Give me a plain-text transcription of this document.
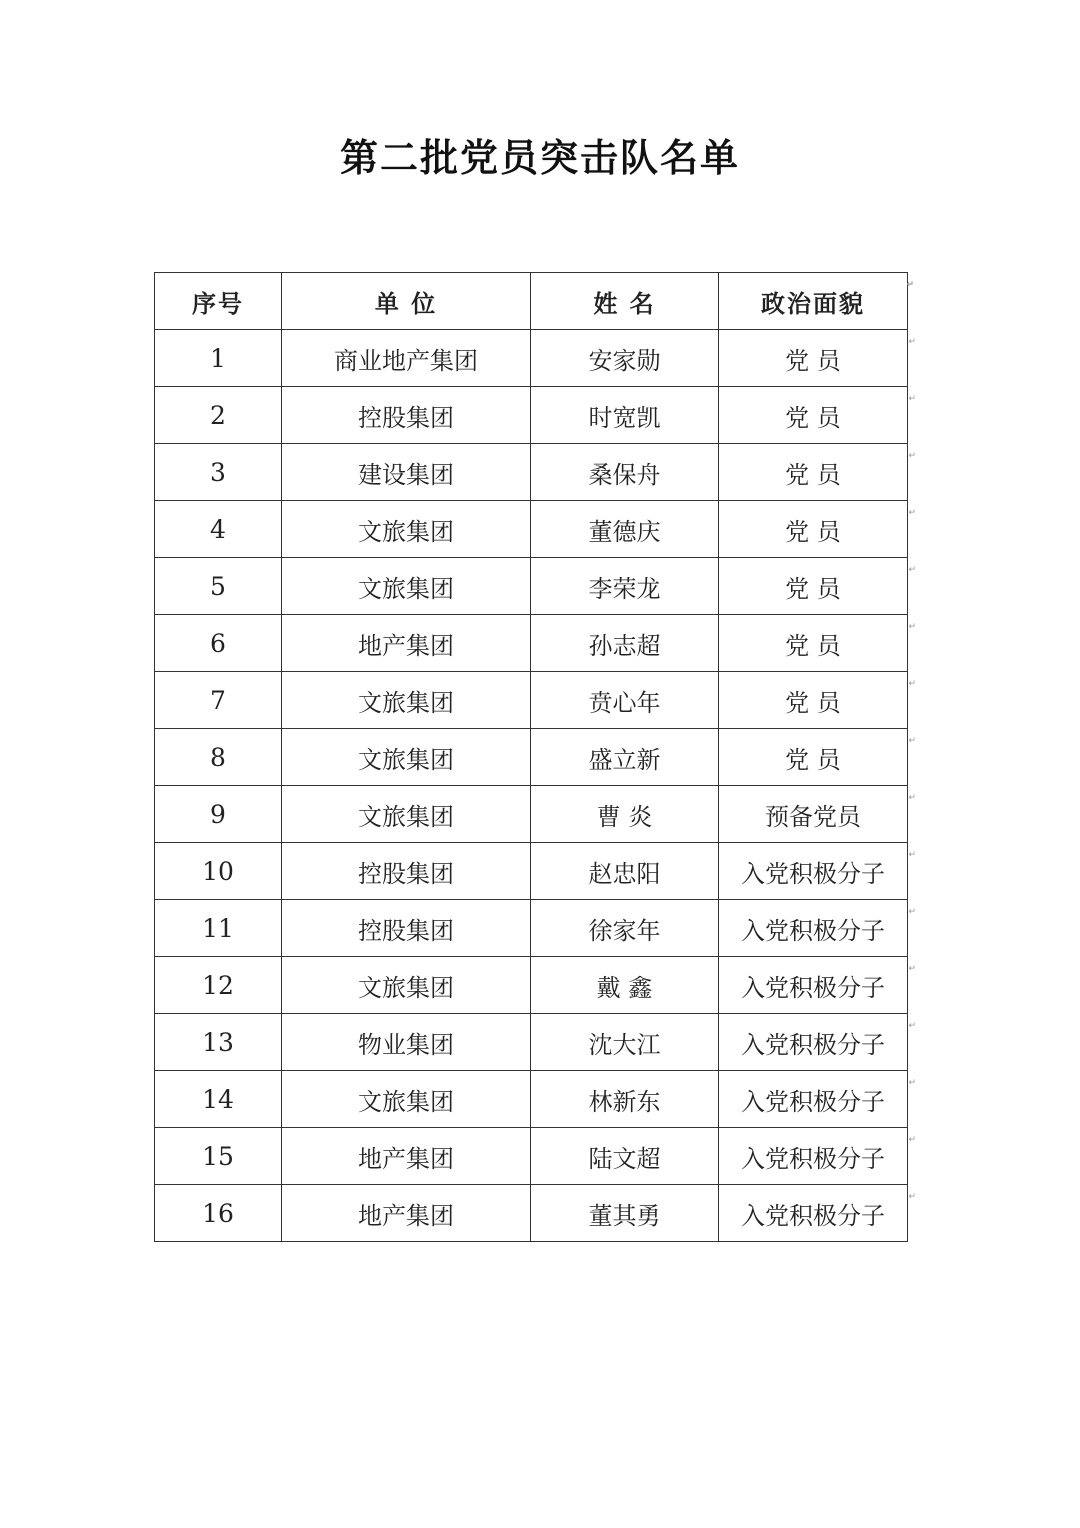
第二批党员突击队名单
序号	单 位	姓 名	政治面貌
↵

1	商业地产集团	安家勋	党 员
↵

2	控股集团	时宽凯	党 员
↵

3	建设集团	桑保舟	党 员
↵

4	文旅集团	董德庆	党 员
↵

5	文旅集团	李荣龙	党 员
↵

6	地产集团	孙志超	党 员
↵

7	文旅集团	贲心年	党 员
↵

8	文旅集团	盛立新	党 员
↵

9	文旅集团	曹 炎	预备党员
↵

10	控股集团	赵忠阳	入党积极分子
↵

11	控股集团	徐家年	入党积极分子
↵

12	文旅集团	戴 鑫	入党积极分子
↵

13	物业集团	沈大江	入党积极分子
↵

14	文旅集团	林新东	入党积极分子
↵

15	地产集团	陆文超	入党积极分子
↵

16	地产集团	董其勇	入党积极分子
↵
